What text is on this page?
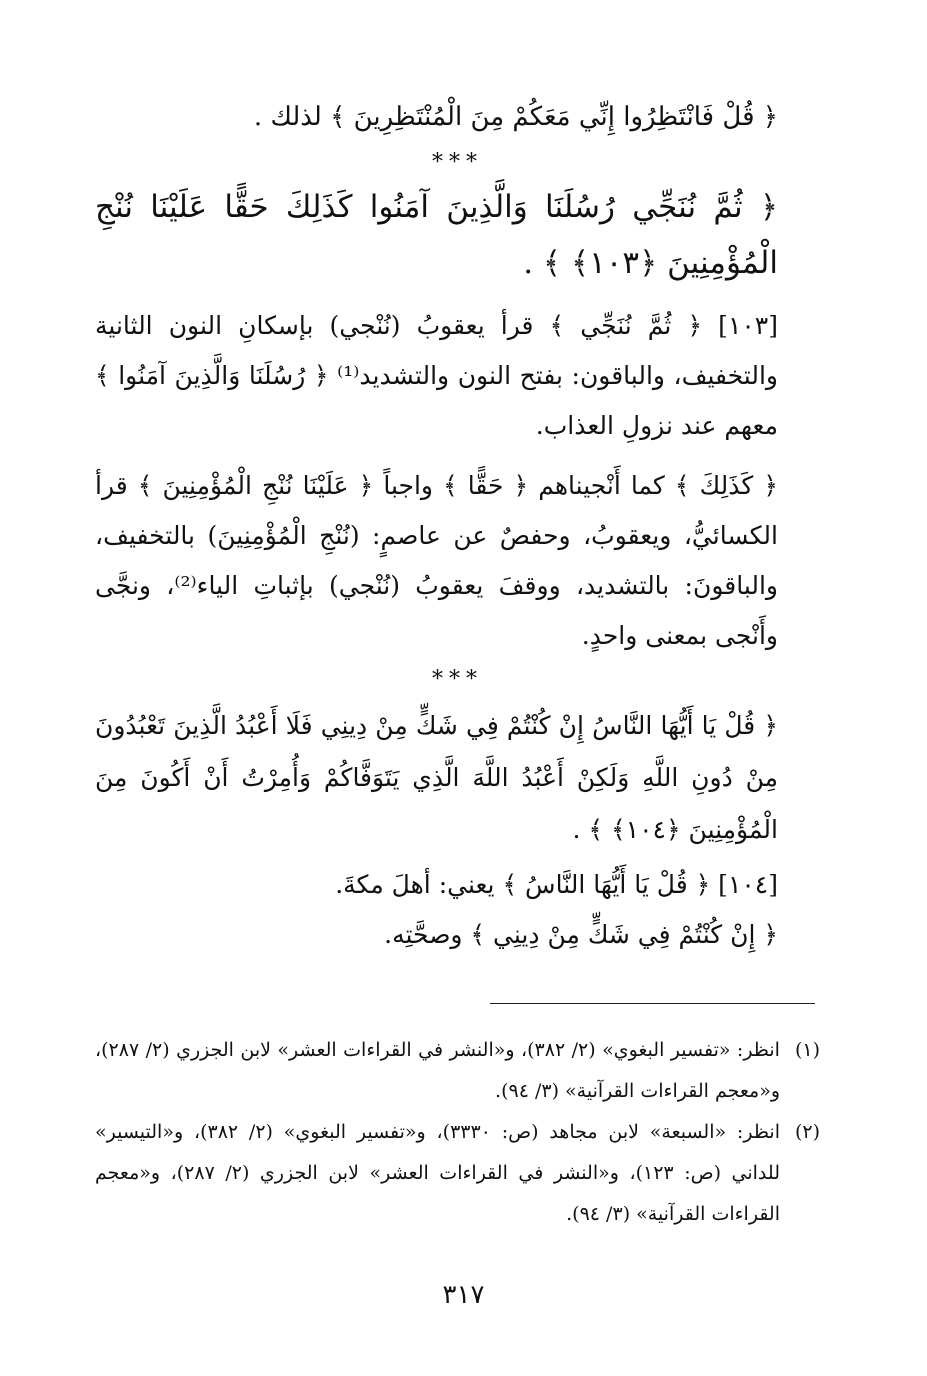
﴿ قُلْ فَانْتَظِرُوا إِنِّي مَعَكُمْ مِنَ الْمُنْتَظِرِينَ ﴾ لذلك .
***
﴿ ثُمَّ نُنَجِّي رُسُلَنَا وَالَّذِينَ آمَنُوا كَذَلِكَ حَقًّا عَلَيْنَا نُنْجِ الْمُؤْمِنِينَ ﴿١٠٣﴾ ﴾ .
[١٠٣] ﴿ ثُمَّ نُنَجِّي ﴾ قرأ يعقوبُ (نُنْجي) بإسكانِ النون الثانية والتخفيف، والباقون: بفتح النون والتشديد⁽¹⁾ ﴿ رُسُلَنَا وَالَّذِينَ آمَنُوا ﴾ معهم عند نزولِ العذاب.
﴿ كَذَلِكَ ﴾ كما أَنْجيناهم ﴿ حَقًّا ﴾ واجباً ﴿ عَلَيْنَا نُنْجِ الْمُؤْمِنِينَ ﴾ قرأ الكسائيُّ، ويعقوبُ، وحفصٌ عن عاصمٍ: (نُنْجِ الْمُؤْمِنِينَ) بالتخفيف، والباقونَ: بالتشديد، ووقفَ يعقوبُ (نُنْجي) بإثباتِ الياء⁽²⁾، ونجَّى وأَنْجى بمعنى واحدٍ.
***
﴿ قُلْ يَا أَيُّهَا النَّاسُ إِنْ كُنْتُمْ فِي شَكٍّ مِنْ دِينِي فَلَا أَعْبُدُ الَّذِينَ تَعْبُدُونَ مِنْ دُونِ اللَّهِ وَلَكِنْ أَعْبُدُ اللَّهَ الَّذِي يَتَوَفَّاكُمْ وَأُمِرْتُ أَنْ أَكُونَ مِنَ الْمُؤْمِنِينَ ﴿١٠٤﴾ ﴾ .
[١٠٤] ﴿ قُلْ يَا أَيُّهَا النَّاسُ ﴾ يعني: أهلَ مكةَ.
﴿ إِنْ كُنْتُمْ فِي شَكٍّ مِنْ دِينِي ﴾ وصحَّتِه.
(١)
انظر: «تفسير البغوي» (٢/ ٣٨٢)، و«النشر في القراءات العشر» لابن الجزري (٢/ ٢٨٧)، و«معجم القراءات القرآنية» (٣/ ٩٤).
(٢)
انظر: «السبعة» لابن مجاهد (ص: ٣٣٣٠)، و«تفسير البغوي» (٢/ ٣٨٢)، و«التيسير» للداني (ص: ١٢٣)، و«النشر في القراءات العشر» لابن الجزري (٢/ ٢٨٧)، و«معجم القراءات القرآنية» (٣/ ٩٤).
٣١٧
